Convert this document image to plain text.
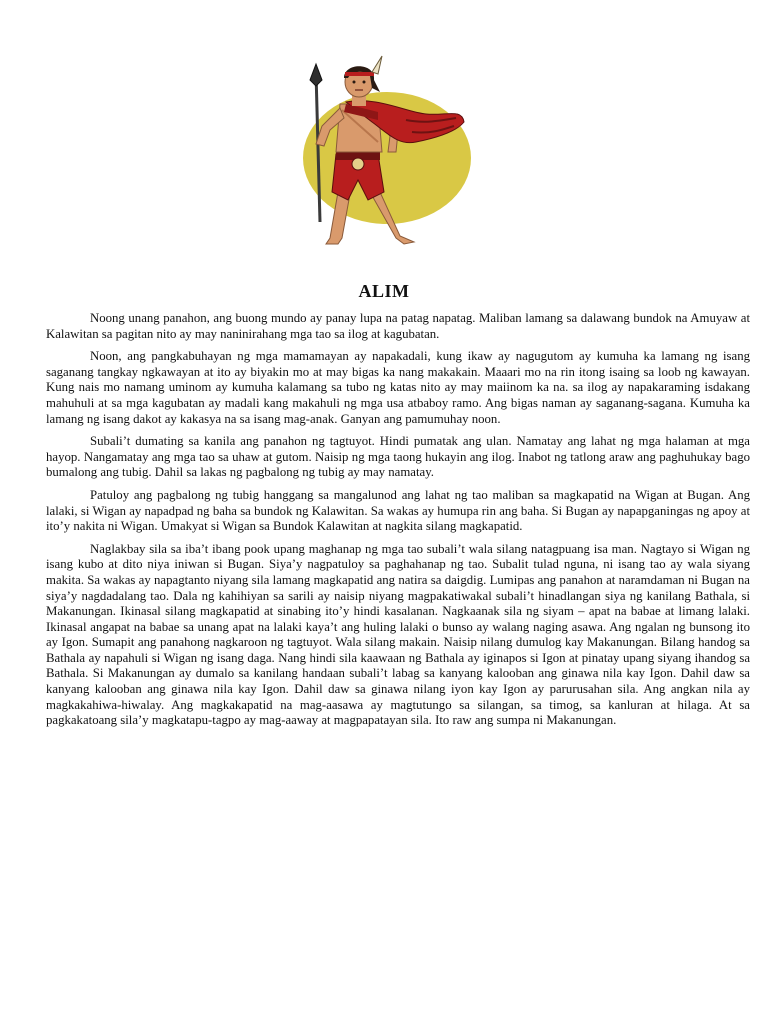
ALIM

Noong unang panahon, ang buong mundo ay panay lupa na patag napatag. Maliban lamang sa dalawang bundok na Amuyaw at Kalawitan sa pagitan nito ay may naninirahang mga tao sa ilog at kagubatan.

Noon, ang pangkabuhayan ng mga mamamayan ay napakadali, kung ikaw ay nagugutom ay kumuha ka lamang ng isang saganang tangkay ngkawayan at ito ay biyakin mo at may bigas ka nang makakain. Maaari mo na rin itong isaing sa loob ng kawayan. Kung nais mo namang uminom ay kumuha kalamang sa tubo ng katas nito ay may maiinom ka na. sa ilog ay napakaraming isdakang mahuhuli at sa mga kagubatan ay madali kang makahuli ng mga usa atbaboy ramo. Ang bigas naman ay saganang-sagana. Kumuha ka lamang ng isang dakot ay kakasya na sa isang mag-anak. Ganyan ang pamumuhay noon.

Subali’t dumating sa kanila ang panahon ng tagtuyot. Hindi pumatak ang ulan. Namatay ang lahat ng mga halaman at mga hayop. Nangamatay ang mga tao sa uhaw at gutom. Naisip ng mga taong hukayin ang ilog. Inabot ng tatlong araw ang paghuhukay bago bumalong ang tubig. Dahil sa lakas ng pagbalong ng tubig ay may namatay.

Patuloy ang pagbalong ng tubig hanggang sa mangalunod ang lahat ng tao maliban sa magkapatid na Wigan at Bugan. Ang lalaki, si Wigan ay napadpad ng baha sa bundok ng Kalawitan. Sa wakas ay humupa rin ang baha. Si Bugan ay napapganingas ng apoy at ito’y nakita ni Wigan. Umakyat si Wigan sa Bundok Kalawitan at nagkita silang magkapatid.

Naglakbay sila sa iba’t ibang pook upang maghanap ng mga tao subali’t wala silang natagpuang isa man. Nagtayo si Wigan ng isang kubo at dito niya iniwan si Bugan. Siya’y nagpatuloy sa paghahanap ng tao. Subalit tulad nguna, ni isang tao ay wala siyang makita. Sa wakas ay napagtanto niyang sila lamang magkapatid ang natira sa daigdig. Lumipas ang panahon at naramdaman ni Bugan na siya’y nagdadalang tao. Dala ng kahihiyan sa sarili ay naisip niyang magpakatiwakal subali’t hinadlangan siya ng kanilang Bathala, si Makanungan. Ikinasal silang magkapatid at sinabing ito’y hindi kasalanan. Nagkaanak sila ng siyam – apat na babae at limang lalaki. Ikinasal angapat na babae sa unang apat na lalaki kaya’t ang huling lalaki o bunso ay walang naging asawa. Ang ngalan ng bunsong ito ay Igon. Sumapit ang panahong nagkaroon ng tagtuyot. Wala silang makain. Naisip nilang dumulog kay Makanungan. Bilang handog sa Bathala ay napahuli si Wigan ng isang daga. Nang hindi sila kaawaan ng Bathala ay iginapos si Igon at pinatay upang siyang ihandog sa Bathala. Si Makanungan ay dumalo sa kanilang handaan subali’t labag sa kanyang kalooban ang ginawa nila kay Igon. Dahil daw sa kanyang kalooban ang ginawa nila kay Igon. Dahil daw sa ginawa nilang iyon kay Igon ay parurusahan sila. Ang angkan nila ay magkakahiwa-hiwalay. Ang magkakapatid na mag-aasawa ay magtutungo sa silangan, sa timog, sa kanluran at hilaga. At sa pagkakatoang sila’y magkatapu-tagpo ay mag-aaway at magpapatayan sila. Ito raw ang sumpa ni Makanungan.
